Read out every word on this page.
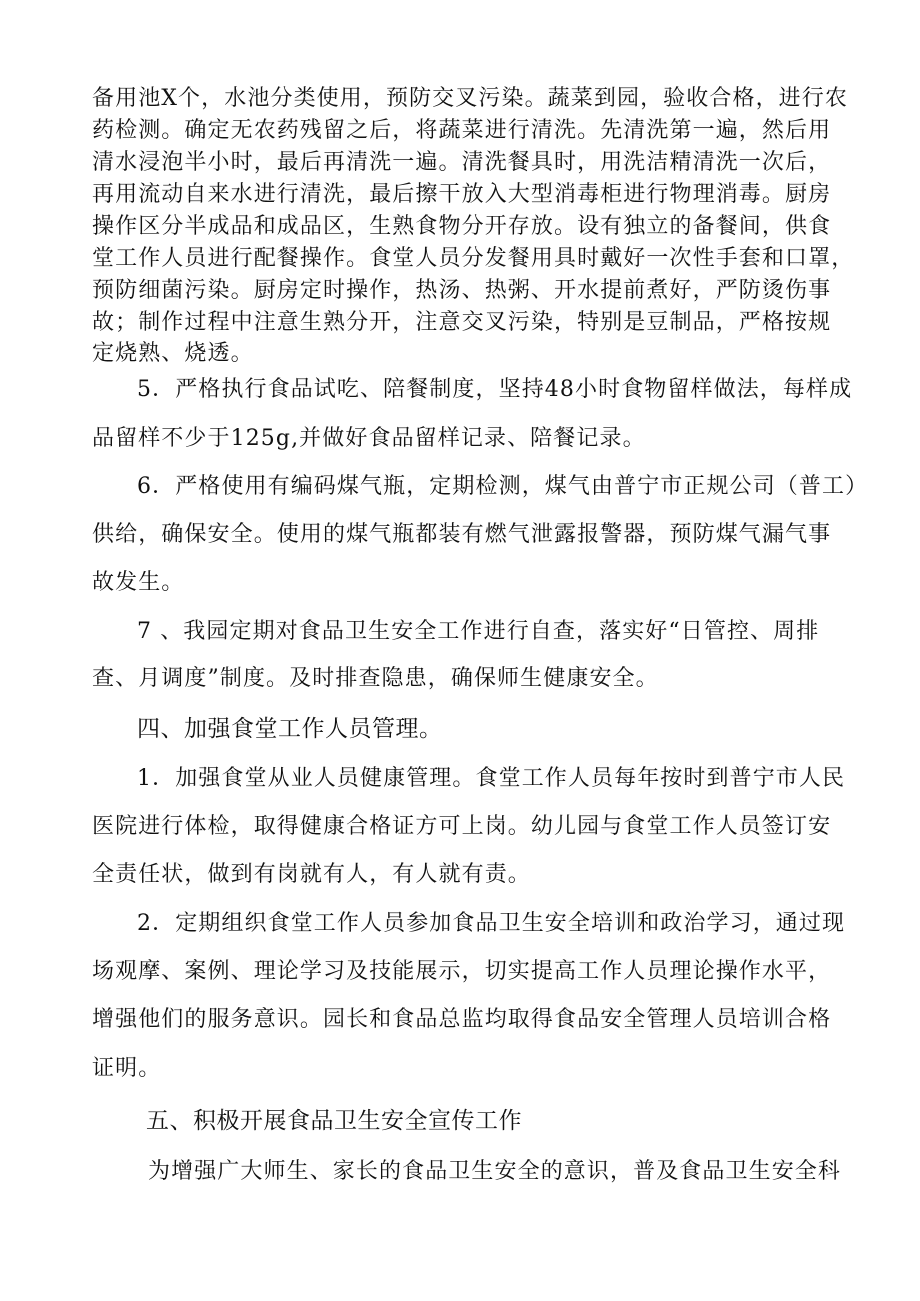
备用池X个，水池分类使用，预防交叉污染。蔬菜到园，验收合格，进行农
药检测。确定无农药残留之后，将蔬菜进行清洗。先清洗第一遍，然后用
清水浸泡半小时，最后再清洗一遍。清洗餐具时，用洗洁精清洗一次后，
再用流动自来水进行清洗，最后擦干放入大型消毒柜进行物理消毒。厨房
操作区分半成品和成品区，生熟食物分开存放。设有独立的备餐间，供食
堂工作人员进行配餐操作。食堂人员分发餐用具时戴好一次性手套和口罩，
预防细菌污染。厨房定时操作，热汤、热粥、开水提前煮好，严防烫伤事
故；制作过程中注意生熟分开，注意交叉污染，特别是豆制品，严格按规
定烧熟、烧透。
5．严格执行食品试吃、陪餐制度，坚持48小时食物留样做法，每样成
品留样不少于125g,并做好食品留样记录、陪餐记录。
6．严格使用有编码煤气瓶，定期检测，煤气由普宁市正规公司（普工）
供给，确保安全。使用的煤气瓶都装有燃气泄露报警器，预防煤气漏气事
故发生。
7 、我园定期对食品卫生安全工作进行自查，落实好“日管控、周排
查、月调度”制度。及时排查隐患，确保师生健康安全。
四、加强食堂工作人员管理。
1．加强食堂从业人员健康管理。食堂工作人员每年按时到普宁市人民
医院进行体检，取得健康合格证方可上岗。幼儿园与食堂工作人员签订安
全责任状，做到有岗就有人，有人就有责。
2．定期组织食堂工作人员参加食品卫生安全培训和政治学习，通过现
场观摩、案例、理论学习及技能展示，切实提高工作人员理论操作水平，
增强他们的服务意识。园长和食品总监均取得食品安全管理人员培训合格
证明。
五、积极开展食品卫生安全宣传工作
为增强广大师生、家长的食品卫生安全的意识，普及食品卫生安全科
